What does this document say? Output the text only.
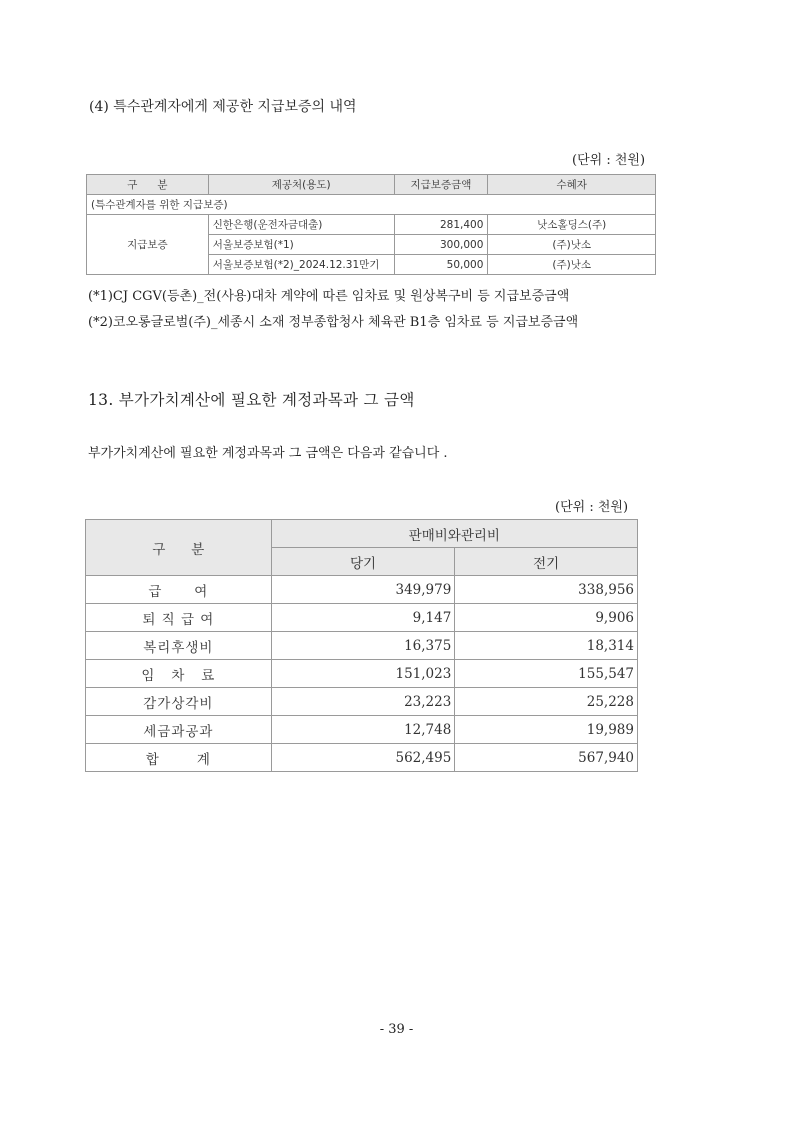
(4) 특수관계자에게 제공한 지급보증의 내역
(단위 : 천원)
구      분	제공처(용도)	지급보증금액	수혜자
(특수관계자를 위한 지급보증)			
지급보증	신한은행(운전자금대출)	281,400	낫소홀딩스(주)
	서울보증보험(*1)	300,000	(주)낫소
	서울보증보험(*2)_2024.12.31만기	50,000	(주)낫소
(*1)CJ CGV(등촌)_전(사용)대차 계약에 따른 임차료 및 원상복구비 등 지급보증금액
(*2)코오롱글로벌(주)_세종시 소재 정부종합청사 체육관 B1층 임차료 등 지급보증금액
13. 부가가치계산에 필요한 계정과목과 그 금액
부가가치계산에 필요한 계정과목과 그 금액은 다음과 같습니다 .
(단위 : 천원)
구      분	판매비와관리비	
	당기	전기
급      여	349,979	338,956
퇴 직 급 여	9,147	9,906
복리후생비	16,375	18,314
임   차   료	151,023	155,547
감가상각비	23,223	25,228
세금과공과	12,748	19,989
합       계	562,495	567,940
- 39 -
